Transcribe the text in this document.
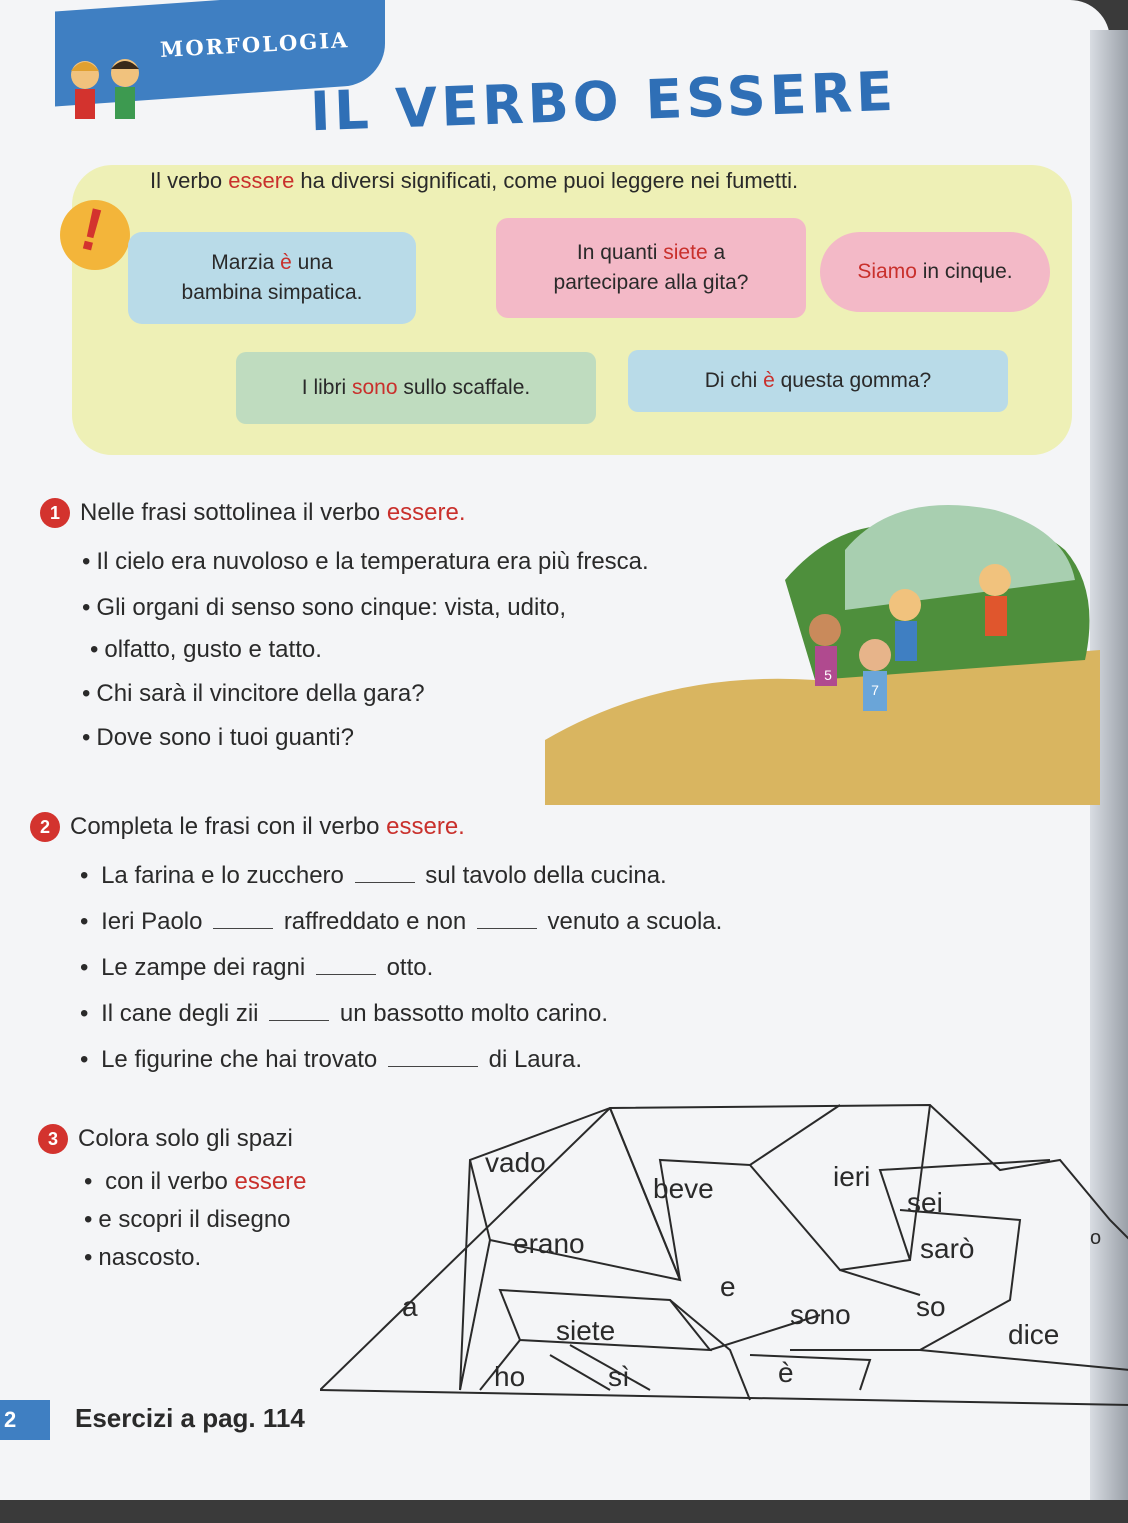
MORFOLOGIA
IL VERBO ESSERE
!
Il verbo essere ha diversi significati, come puoi leggere nei fumetti.
Marzia è una
bambina simpatica.
In quanti siete a
partecipare alla gita?	Siamo in cinque.
I libri sono sullo scaffale.	Di chi è questa gomma?
1 Nelle frasi sottolinea il verbo essere.
• Il cielo era nuvoloso e la temperatura era più fresca.
• Gli organi di senso sono cinque: vista, udito,
• olfatto, gusto e tatto.
• Chi sarà il vincitore della gara?
• Dove sono i tuoi guanti?
5
7
2 Completa le frasi con il verbo essere.
• La farina e lo zucchero	sul tavolo della cucina.
• Ieri Paolo	raffreddato e non	venuto a scuola.
• Le zampe dei ragni	otto.
• Il cane degli zii	un bassotto molto carino.
• Le figurine che hai trovato	di Laura.
3 Colora solo gli spazi
• con il verbo essere
• e scopri il disegno
• nascosto.
vado
beve	ieri
sei
erano	sarò	o
e
a
siete
sono so
dice
ho	sì	è
2	Esercizi a pag. 114
